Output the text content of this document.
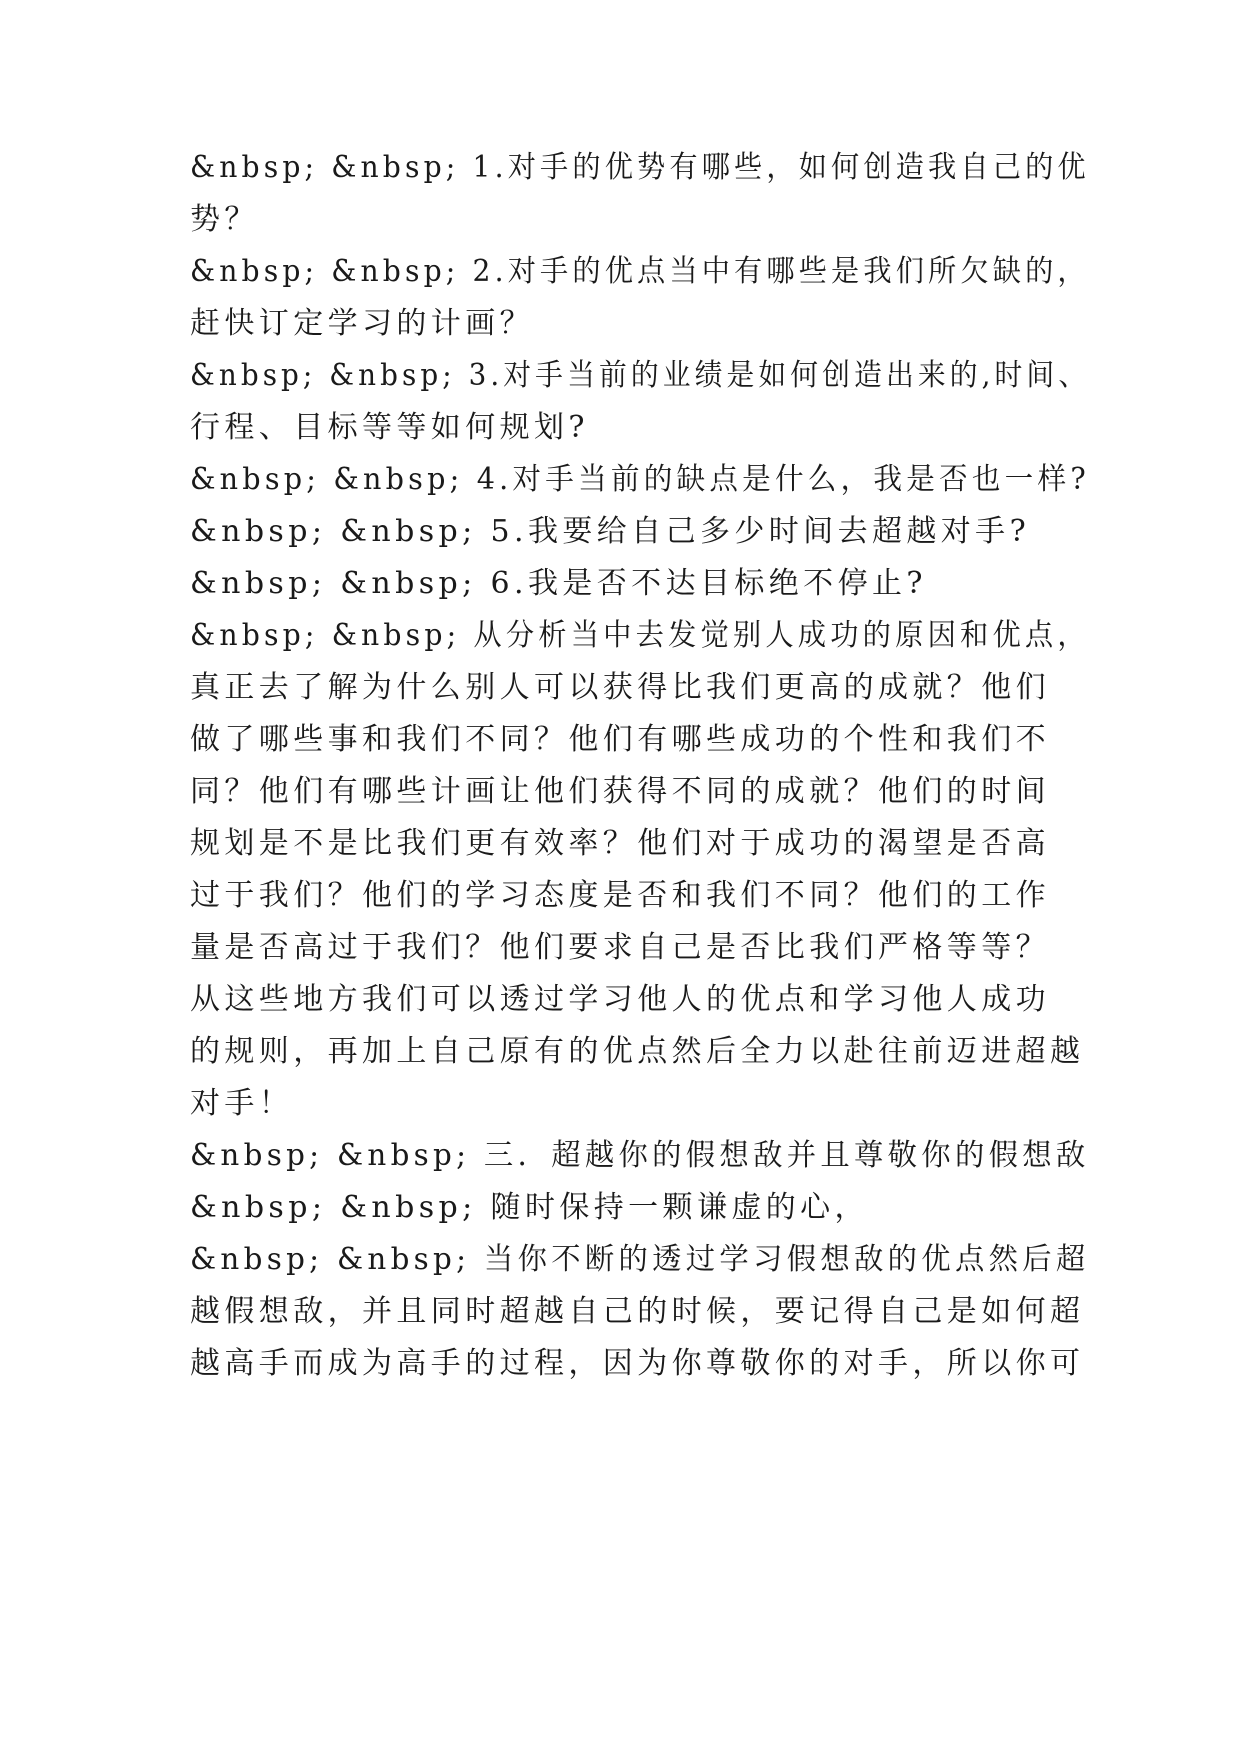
&nbsp; &nbsp; 1.对手的优势有哪些，如何创造我自己的优
势？
&nbsp; &nbsp; 2.对手的优点当中有哪些是我们所欠缺的，
赶快订定学习的计画？
&nbsp; &nbsp; 3.对手当前的业绩是如何创造出来的,时间、
行程、目标等等如何规划?
&nbsp; &nbsp; 4.对手当前的缺点是什么，我是否也一样?
&nbsp; &nbsp; 5.我要给自己多少时间去超越对手?
&nbsp; &nbsp; 6.我是否不达目标绝不停止?
&nbsp; &nbsp; 从分析当中去发觉别人成功的原因和优点，
真正去了解为什么别人可以获得比我们更高的成就？他们
做了哪些事和我们不同？他们有哪些成功的个性和我们不
同？他们有哪些计画让他们获得不同的成就？他们的时间
规划是不是比我们更有效率？他们对于成功的渴望是否高
过于我们？他们的学习态度是否和我们不同？他们的工作
量是否高过于我们？他们要求自己是否比我们严格等等？
从这些地方我们可以透过学习他人的优点和学习他人成功
的规则，再加上自己原有的优点然后全力以赴往前迈进超越
对手！
&nbsp; &nbsp; 三．超越你的假想敌并且尊敬你的假想敌
&nbsp; &nbsp; 随时保持一颗谦虚的心，
&nbsp; &nbsp; 当你不断的透过学习假想敌的优点然后超
越假想敌，并且同时超越自己的时候，要记得自己是如何超
越高手而成为高手的过程，因为你尊敬你的对手，所以你可
